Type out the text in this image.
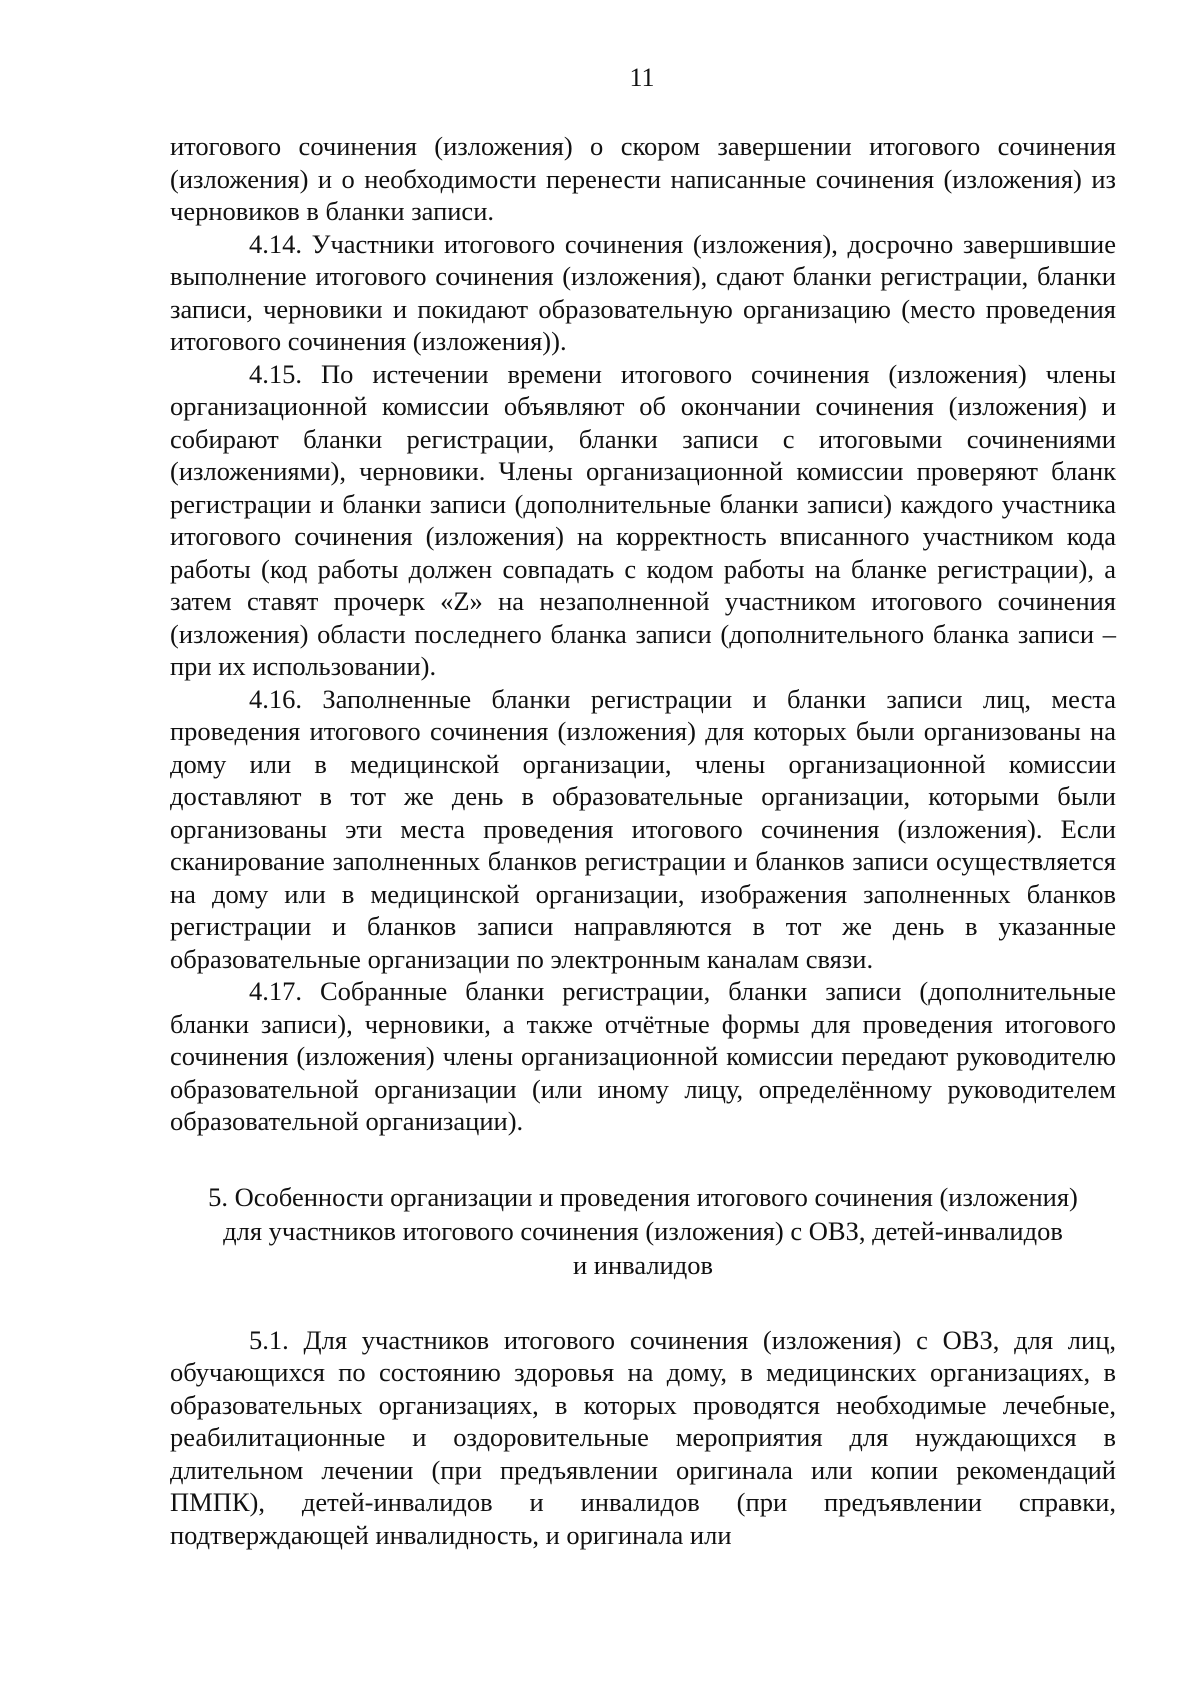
11

итогового сочинения (изложения) о скором завершении итогового сочинения (изложения) и о необходимости перенести написанные сочинения (изложения) из черновиков в бланки записи.

4.14. Участники итогового сочинения (изложения), досрочно завершившие выполнение итогового сочинения (изложения), сдают бланки регистрации, бланки записи, черновики и покидают образовательную организацию (место проведения итогового сочинения (изложения)).

4.15. По истечении времени итогового сочинения (изложения) члены организационной комиссии объявляют об окончании сочинения (изложения) и собирают бланки регистрации, бланки записи с итоговыми сочинениями (изложениями), черновики. Члены организационной комиссии проверяют бланк регистрации и бланки записи (дополнительные бланки записи) каждого участника итогового сочинения (изложения) на корректность вписанного участником кода работы (код работы должен совпадать с кодом работы на бланке регистрации), а затем ставят прочерк «Z» на незаполненной участником итогового сочинения (изложения) области последнего бланка записи (дополнительного бланка записи – при их использовании).

4.16. Заполненные бланки регистрации и бланки записи лиц, места проведения итогового сочинения (изложения) для которых были организованы на дому или в медицинской организации, члены организационной комиссии доставляют в тот же день в образовательные организации, которыми были организованы эти места проведения итогового сочинения (изложения). Если сканирование заполненных бланков регистрации и бланков записи осуществляется на дому или в медицинской организации, изображения заполненных бланков регистрации и бланков записи направляются в тот же день в указанные образовательные организации по электронным каналам связи.

4.17. Собранные бланки регистрации, бланки записи (дополнительные бланки записи), черновики, а также отчётные формы для проведения итогового сочинения (изложения) члены организационной комиссии передают руководителю образовательной организации (или иному лицу, определённому руководителем образовательной организации).

5. Особенности организации и проведения итогового сочинения (изложения)
для участников итогового сочинения (изложения) с ОВЗ, детей-инвалидов
и инвалидов

5.1. Для участников итогового сочинения (изложения) с ОВЗ, для лиц, обучающихся по состоянию здоровья на дому, в медицинских организациях, в образовательных организациях, в которых проводятся необходимые лечебные, реабилитационные и оздоровительные мероприятия для нуждающихся в длительном лечении (при предъявлении оригинала или копии рекомендаций ПМПК), детей-инвалидов и инвалидов (при предъявлении справки, подтверждающей инвалидность, и оригинала или
